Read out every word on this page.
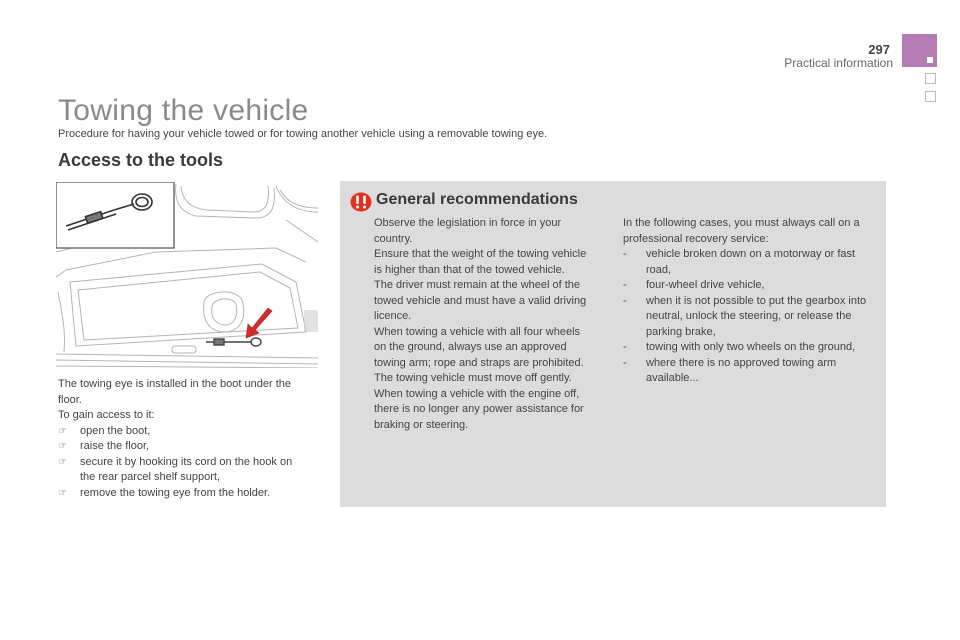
297
Practical information
Towing the vehicle
Procedure for having your vehicle towed or for towing another vehicle using a removable towing eye.
Access to the tools

The towing eye is installed in the boot under the floor.

To gain access to it:

☞ open the boot,
☞ raise the floor,
☞ secure it by hooking its cord on the hook on the rear parcel shelf support,
☞ remove the towing eye from the holder.
General recommendations

Observe the legislation in force in your country.

Ensure that the weight of the towing vehicle is higher than that of the towed vehicle.

The driver must remain at the wheel of the towed vehicle and must have a valid driving licence.

When towing a vehicle with all four wheels on the ground, always use an approved towing arm; rope and straps are prohibited.

The towing vehicle must move off gently.

When towing a vehicle with the engine off, there is no longer any power assistance for braking or steering.

In the following cases, you must always call on a professional recovery service:

- vehicle broken down on a motorway or fast road,
- four-wheel drive vehicle,
- when it is not possible to put the gearbox into neutral, unlock the steering, or release the parking brake,
- towing with only two wheels on the ground,
- where there is no approved towing arm available...
